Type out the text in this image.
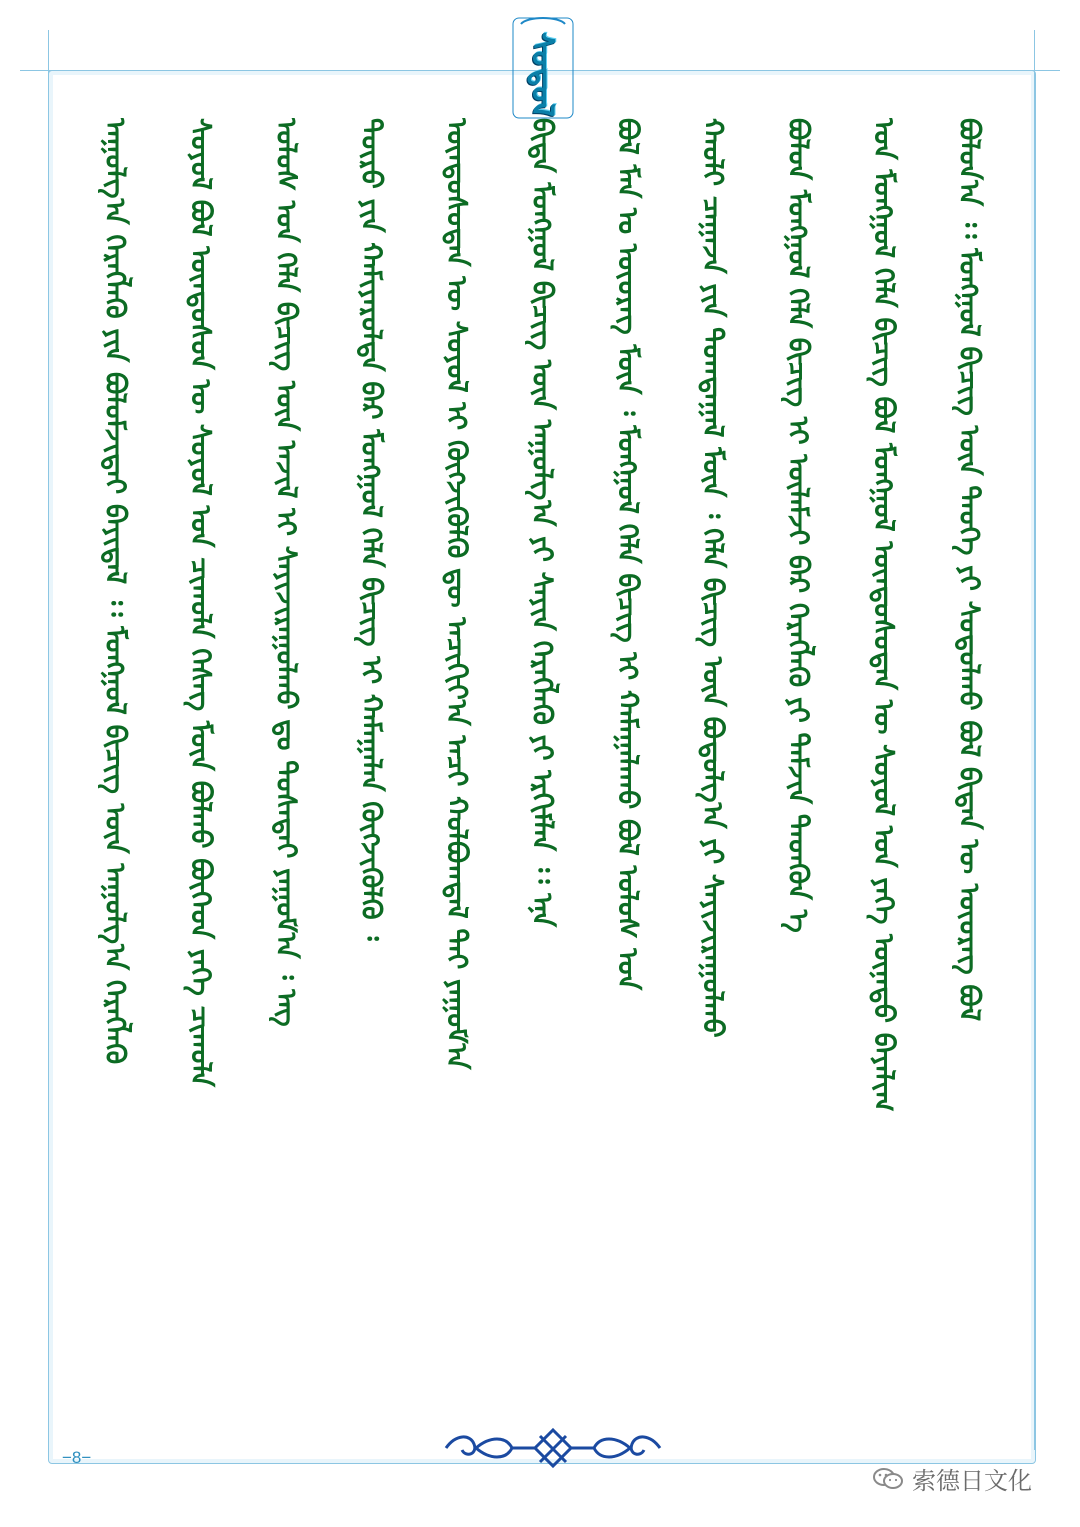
ᠰᠤᠳᠤᠯ
ᠠᠭᠤᠯᠭ᠎ᠠ ᠬᠡᠷᠡᠭᠯᠡᠬᠦ ᠶᠢᠨ ᠪᠣᠯᠤᠮᠵᠢᠲᠠᠢ ᠪᠠᠶᠢᠳᠠᠯ ᠄᠄ ᠮᠣᠩᠭᠣᠯ ᠪᠢᠴᠢᠭ ᠦᠨ ᠠᠭᠤᠯᠭ᠎ᠠ ᠬᠡᠷᠡᠭᠯᠡᠬᠦ ᠰᠣᠶᠣᠯ ᠪᠣᠯ ᠦᠨᠳᠦᠰᠦᠨ ᠦ ᠰᠣᠶᠣᠯ ᠤᠨ ᠴᠢᠬᠤᠯᠠ ᠬᠡᠰᠡᠭ ᠮᠥᠨ ᠪᠣᠯᠬᠤ ᠪᠥᠭᠡᠳ ᠶᠡᠬᠡ ᠴᠢᠬᠤᠯᠠ ᠤᠯᠤᠰ ᠤᠨ ᠬᠡᠯᠡ ᠪᠢᠴᠢᠭ ᠦᠨ ᠠᠵᠢᠯ ᠢ ᠰᠠᠶᠢᠵᠢᠷᠠᠭᠤᠯᠬᠤ ᠳᠤ ᠲᠤᠰᠠᠲᠠᠢ ᠶᠠᠭᠤᠮ᠎ᠠ ᠄ ᠡᠩ ᠲᠦᠷᠦ ᠶᠢᠨ ᠬᠠᠮᠢᠶᠠᠷᠤᠯᠲᠠ ᠪᠡᠷ ᠮᠣᠩᠭᠣᠯ ᠬᠡᠯᠡ ᠪᠢᠴᠢᠭ ᠢ ᠬᠠᠮᠠᠭᠠᠯᠠᠨ ᠬᠥᠭᠵᠢᠭᠦᠯᠬᠦ ᠄ ᠦᠨᠳᠦᠰᠦᠲᠡᠨ ᠦ ᠰᠣᠶᠣᠯ ᠢ ᠬᠥᠭᠵᠢᠭᠦᠯᠬᠦ ᠳᠦ ᠠᠴᠢᠬᠢᠶ᠎ᠠ ᠠᠴᠢ ᠬᠣᠯᠪᠣᠭᠳᠠᠯ ᠲᠠᠢ ᠶᠠᠭᠤᠮ᠎ᠠ ᠪᠢᠳᠡ ᠮᠣᠩᠭᠣᠯ ᠪᠢᠴᠢᠭ ᠦᠨ ᠠᠭᠤᠯᠭ᠎ᠠ ᠶᠢ ᠰᠠᠶᠢᠨ ᠬᠡᠷᠡᠭᠯᠡᠬᠦ ᠶᠢ ᠡᠷᠬᠢᠮᠯᠡᠨ ᠄᠄ ᠡᠨᠡ ᠪᠣᠯ ᠮᠠᠨ ᠤ ᠦᠦᠷᠡᠭ ᠮᠥᠨ ᠄ ᠮᠣᠩᠭᠣᠯ ᠬᠡᠯᠡ ᠪᠢᠴᠢᠭ ᠢ ᠬᠠᠮᠠᠭᠠᠯᠠᠬᠤ ᠪᠣᠯ ᠤᠯᠤᠰ ᠤᠨ ᠬᠠᠤᠯᠢ ᠴᠠᠭᠠᠵᠠ ᠶᠢᠨ ᠲᠣᠭᠲᠠᠭᠠᠯ ᠮᠥᠨ ᠄ ᠬᠡᠯᠡ ᠪᠢᠴᠢᠭ ᠦᠨ ᠪᠣᠳᠤᠯᠭ᠎ᠠ ᠶᠢ ᠰᠠᠶᠢᠵᠢᠷᠠᠭᠤᠯᠬᠤ ᠪᠣᠯᠤᠨ ᠮᠣᠩᠭᠣᠯ ᠬᠡᠯᠡ ᠪᠢᠴᠢᠭ ᠢ ᠦᠯᠡᠮᠵᠢ ᠪᠡᠷ ᠬᠡᠷᠡᠭᠯᠡᠬᠦ ᠶᠢ ᠳᠡᠮᠵᠢᠨ ᠲᠡᠳᠭᠦᠨ ᠡ ᠤᠨ ᠮᠣᠩᠭᠣᠯ ᠬᠡᠯᠡ ᠪᠢᠴᠢᠭ ᠪᠣᠯ ᠮᠣᠩᠭᠣᠯ ᠦᠨᠳᠦᠰᠦᠲᠡᠨ ᠦ ᠰᠣᠶᠣᠯ ᠤᠨ ᠶᠡᠬᠡ ᠦᠨᠡᠲᠦ ᠪᠠᠶᠠᠯᠢᠭ ᠪᠣᠯᠤᠨ᠎ᠠ ᠄᠄ ᠮᠣᠩᠭᠣᠯ ᠪᠢᠴᠢᠭ ᠦᠨ ᠲᠡᠦᠬᠡ ᠶᠢ ᠰᠤᠳᠤᠯᠬᠤ ᠪᠣᠯ ᠪᠢᠳᠡᠨ ᠦ ᠦᠦᠷᠡᠭ ᠪᠣᠯ
−8−
索德日文化
